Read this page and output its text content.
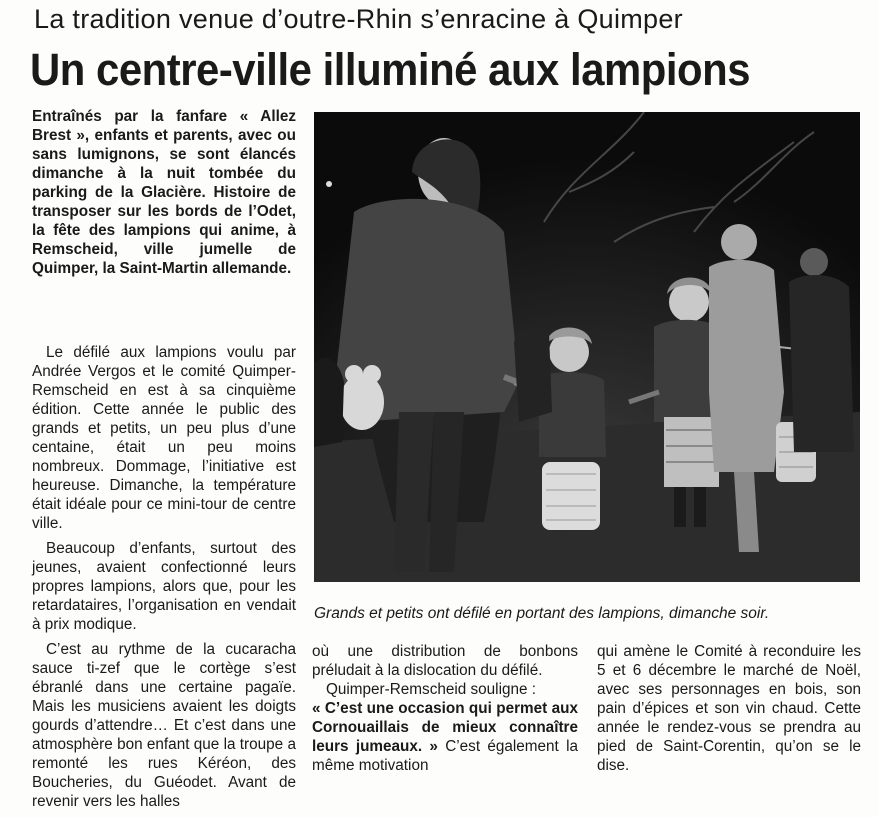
La tradition venue d’outre-Rhin s’enracine à Quimper
Un centre-ville illuminé aux lampions

Entraînés par la fanfare « Allez Brest », enfants et parents, avec ou sans lumignons, se sont élancés dimanche à la nuit tombée du parking de la Glacière. Histoire de transposer sur les bords de l’Odet, la fête des lampions qui anime, à Remscheid, ville jumelle de Quimper, la Saint-Martin allemande.

Le défilé aux lampions voulu par Andrée Vergos et le comité Quimper-Remscheid en est à sa cinquième édition. Cette année le public des grands et petits, un peu plus d’une centaine, était un peu moins nombreux. Dommage, l’initiative est heureuse. Dimanche, la température était idéale pour ce mini-tour de centre ville.

Beaucoup d’enfants, surtout des jeunes, avaient confectionné leurs propres lampions, alors que, pour les retardataires, l’organisation en vendait à prix modique.

C’est au rythme de la cucaracha sauce ti-zef que le cortège s’est ébranlé dans une certaine pagaïe. Mais les musiciens avaient les doigts gourds d’attendre… Et c’est dans une atmosphère bon enfant que la troupe a remonté les rues Kéréon, des Boucheries, du Guéodet. Avant de revenir vers les halles

Grands et petits ont défilé en portant des lampions, dimanche soir.

où une distribution de bonbons préludait à la dislocation du défilé.

Quimper-Remscheid souligne :

« C’est une occasion qui permet aux Cornouaillais de mieux connaître leurs jumeaux. » C’est également la même motivation

qui amène le Comité à reconduire les 5 et 6 décembre le marché de Noël, avec ses personnages en bois, son pain d’épices et son vin chaud. Cette année le rendez-vous se prendra au pied de Saint-Corentin, qu’on se le dise.
